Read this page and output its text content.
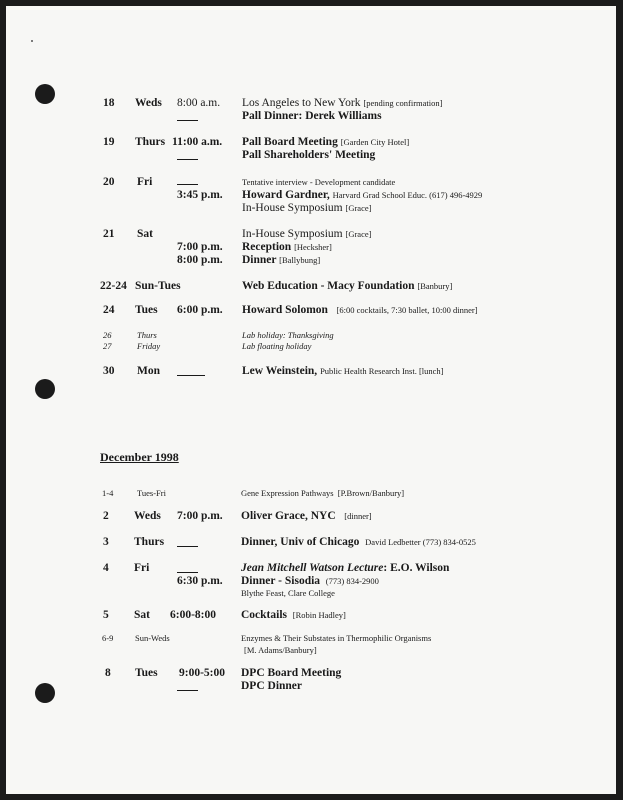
18 Weds 8:00 a.m. Los Angeles to New York [pending confirmation]
Pall Dinner: Derek Williams
19 Thurs 11:00 a.m. Pall Board Meeting [Garden City Hotel]
Pall Shareholders' Meeting
20 Fri	Tentative interview - Development candidate
3:45 p.m. Howard Gardner, Harvard Grad School Educ. (617) 496-4929
In-House Symposium [Grace]
21 Sat	In-House Symposium [Grace]
7:00 p.m. Reception [Hecksher]
8:00 p.m. Dinner [Ballybung]
22-24 Sun-Tues	Web Education - Macy Foundation [Banbury]
24 Tues 6:00 p.m. Howard Solomon [6:00 cocktails, 7:30 ballet, 10:00 dinner]
26	Thurs	Lab holiday: Thanksgiving
27	Friday	Lab floating holiday
30 Mon	Lew Weinstein, Public Health Research Inst. [lunch]
December 1998
1-4	Tues-Fri	Gene Expression Pathways [P.Brown/Banbury]
2 Weds 7:00 p.m. Oliver Grace, NYC [dinner]
3 Thurs	Dinner, Univ of Chicago David Ledbetter (773) 834-0525
4 Fri	Jean Mitchell Watson Lecture: E.O. Wilson
6:30 p.m. Dinner - Sisodia (773) 834-2900
Blythe Feast, Clare College
5 Sat 6:00-8:00 Cocktails [Robin Hadley]
6-9	Sun-Weds	Enzymes & Their Substates in Thermophilic Organisms
[M. Adams/Banbury]
8 Tues 9:00-5:00 DPC Board Meeting
DPC Dinner
